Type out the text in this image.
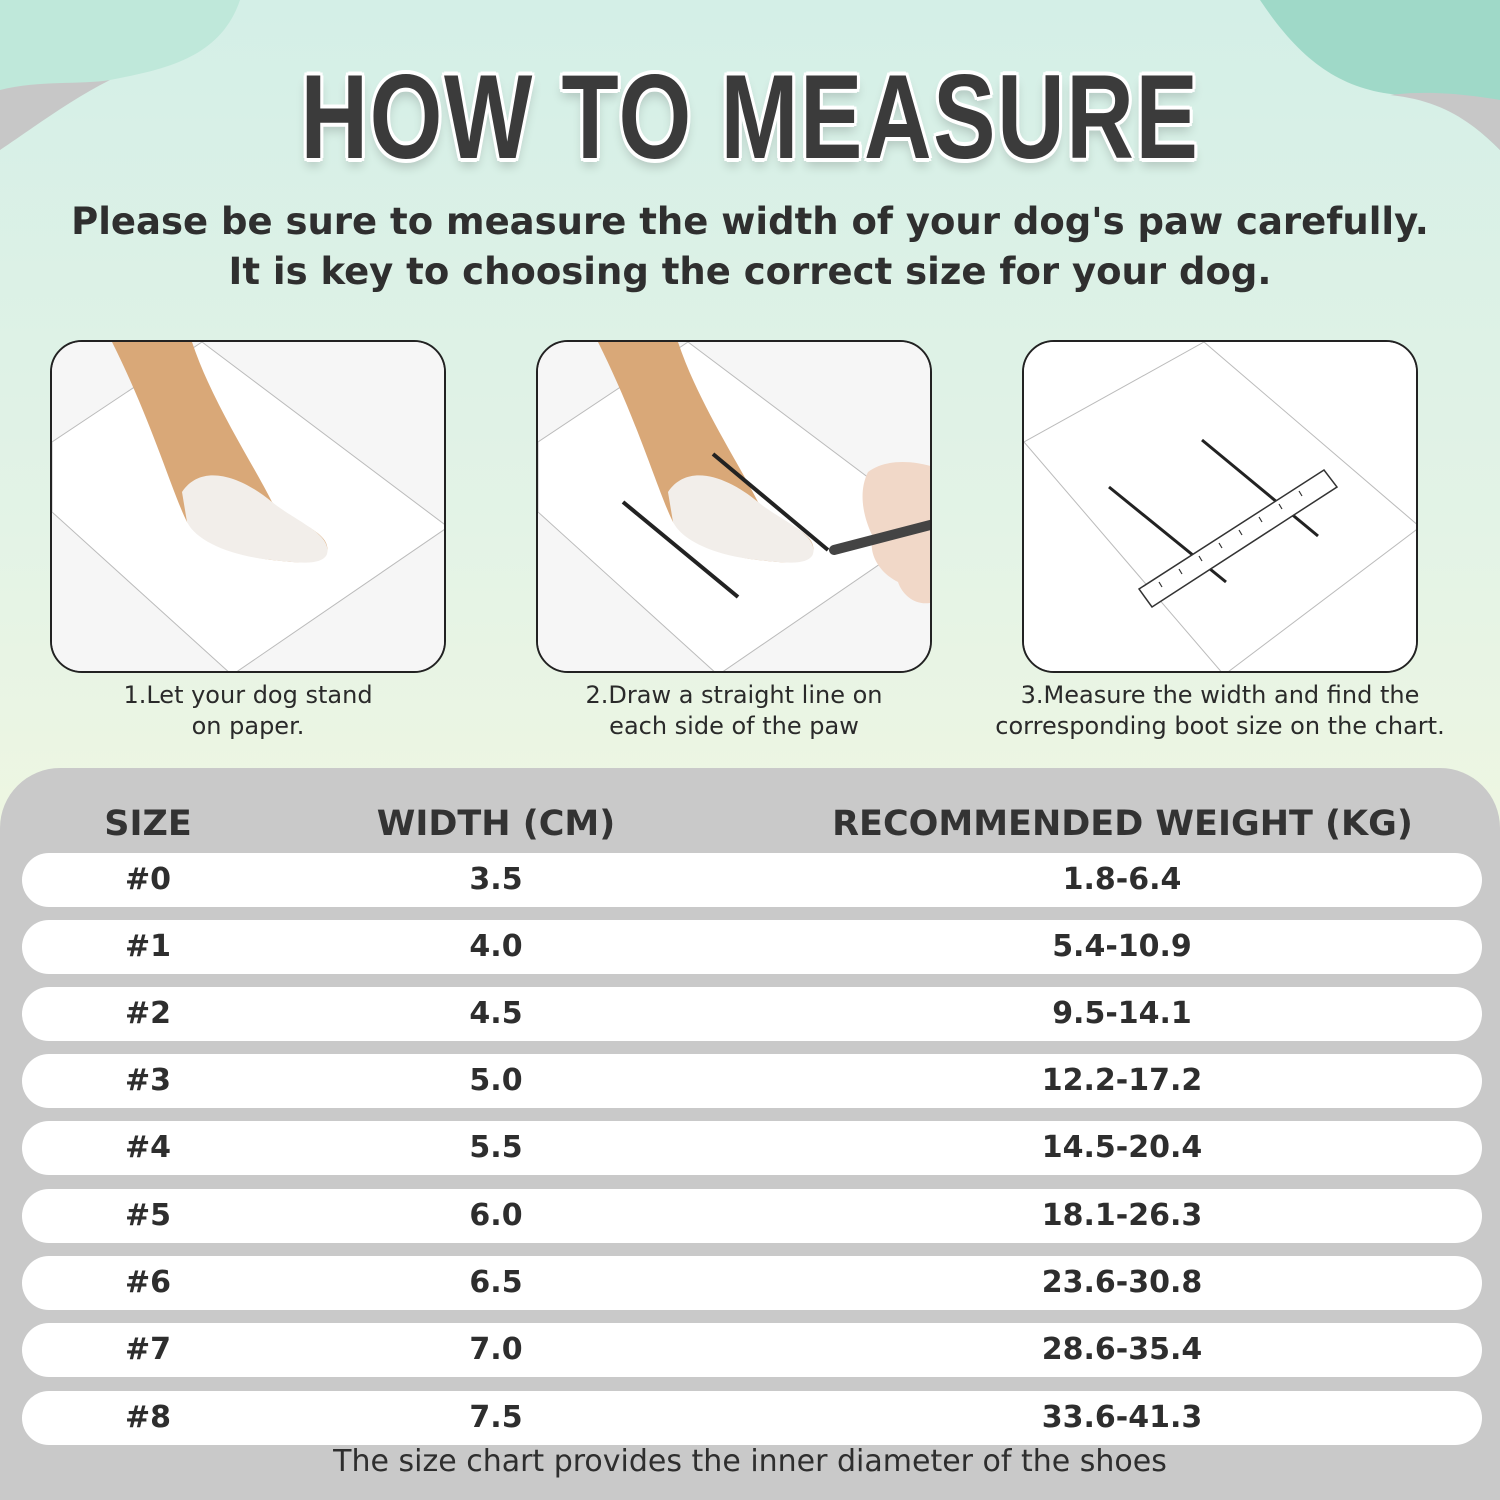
HOW TO MEASURE
Please be sure to measure the width of your dog's paw carefully.
It is key to choosing the correct size for your dog.
1.Let your dog stand
on paper.
2.Draw a straight line on
each side of the paw
3.Measure the width and find the
corresponding boot size on the chart.
SIZE	WIDTH (CM)	RECOMMENDED WEIGHT (KG)
#0	3.5	1.8-6.4
#1	4.0	5.4-10.9
#2	4.5	9.5-14.1
#3	5.0	12.2-17.2
#4	5.5	14.5-20.4
#5	6.0	18.1-26.3
#6	6.5	23.6-30.8
#7	7.0	28.6-35.4
#8	7.5	33.6-41.3
The size chart provides the inner diameter of the shoes
